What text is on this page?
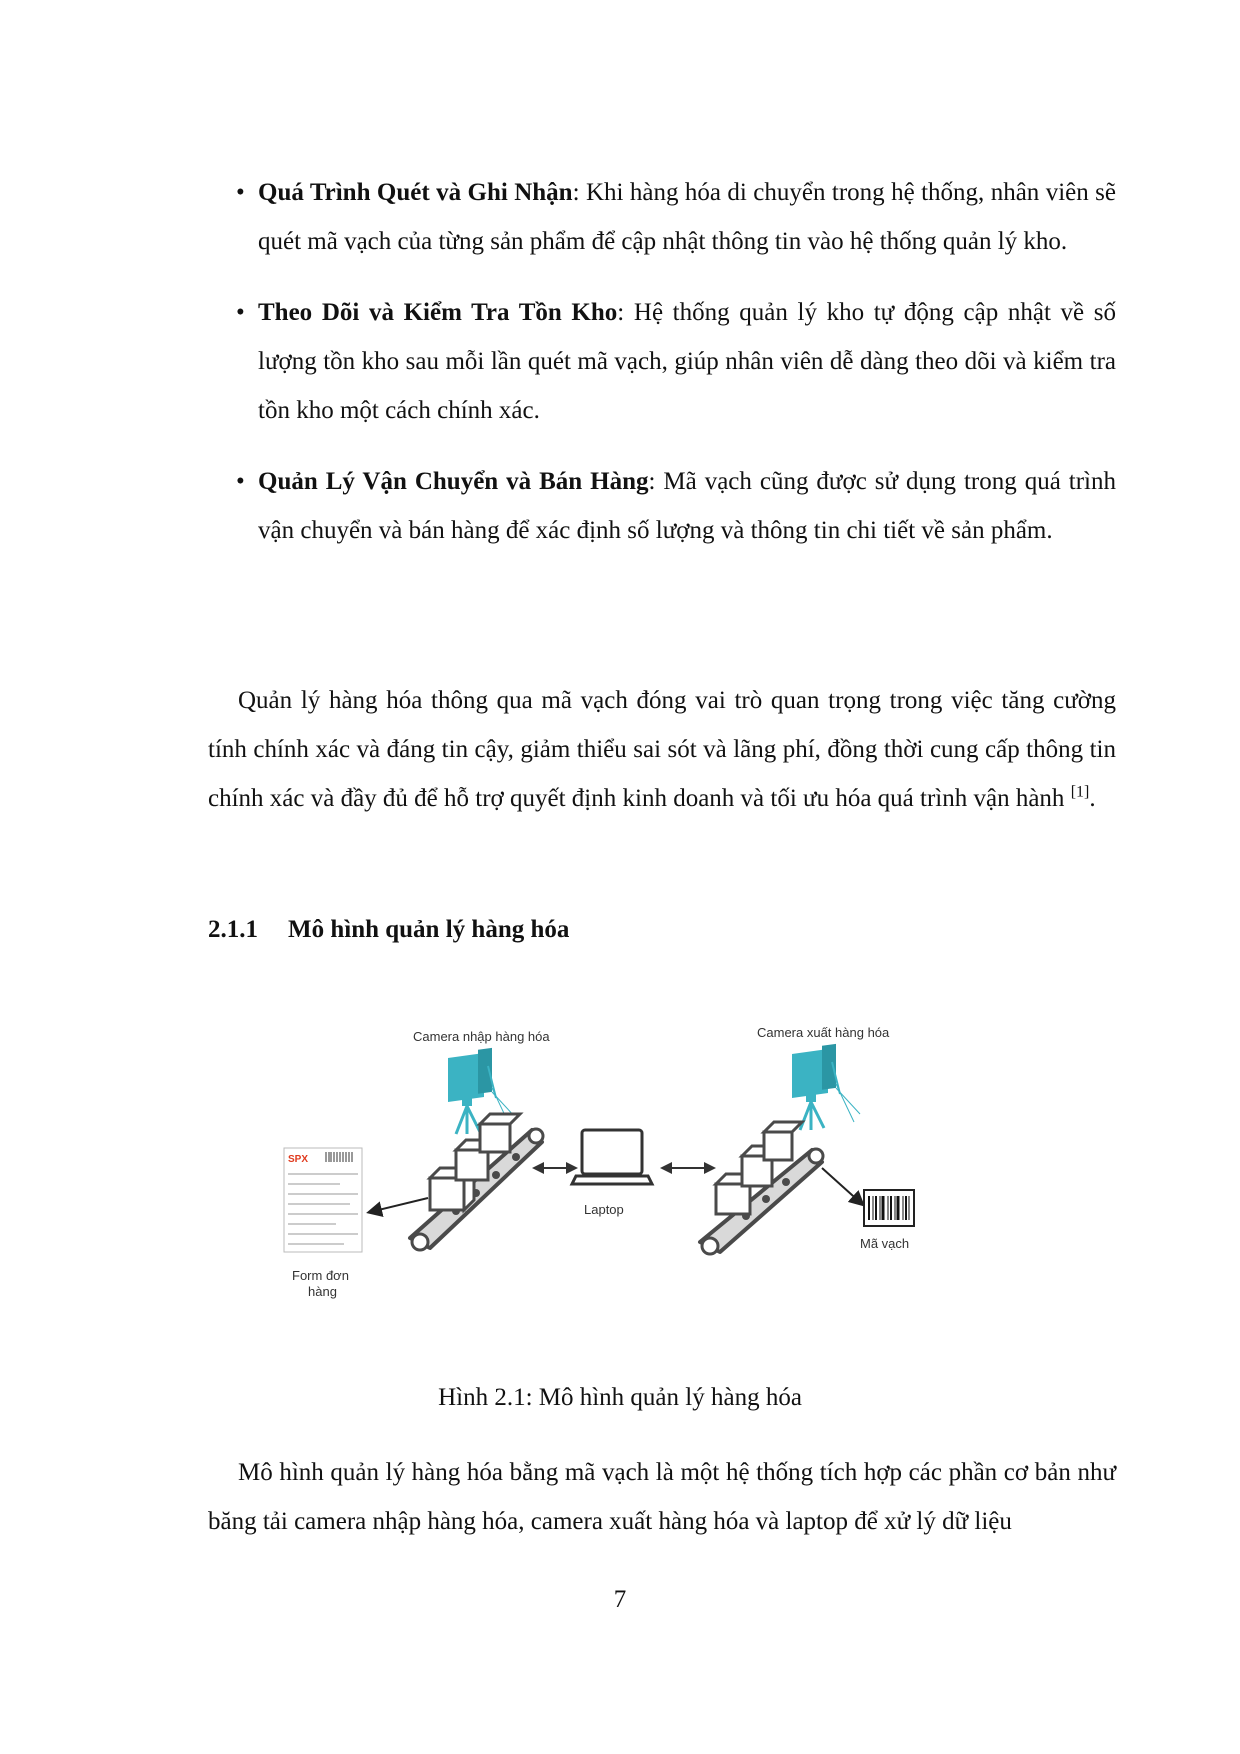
• Quá Trình Quét và Ghi Nhận: Khi hàng hóa di chuyển trong hệ thống, nhân viên sẽ quét mã vạch của từng sản phẩm để cập nhật thông tin vào hệ thống quản lý kho.
• Theo Dõi và Kiểm Tra Tồn Kho: Hệ thống quản lý kho tự động cập nhật về số lượng tồn kho sau mỗi lần quét mã vạch, giúp nhân viên dễ dàng theo dõi và kiểm tra tồn kho một cách chính xác.
• Quản Lý Vận Chuyển và Bán Hàng: Mã vạch cũng được sử dụng trong quá trình vận chuyển và bán hàng để xác định số lượng và thông tin chi tiết về sản phẩm.

Quản lý hàng hóa thông qua mã vạch đóng vai trò quan trọng trong việc tăng cường tính chính xác và đáng tin cậy, giảm thiểu sai sót và lãng phí, đồng thời cung cấp thông tin chính xác và đầy đủ để hỗ trợ quyết định kinh doanh và tối ưu hóa quá trình vận hành [1].

2.1.1 Mô hình quản lý hàng hóa
Camera nhập hàng hóa	Camera xuất hàng hóa
Laptop
SPX
Form đơn
hàng
Mã vạch

Hình 2.1: Mô hình quản lý hàng hóa

Mô hình quản lý hàng hóa bằng mã vạch là một hệ thống tích hợp các phần cơ bản như băng tải camera nhập hàng hóa, camera xuất hàng hóa và laptop để xử lý dữ liệu

7
